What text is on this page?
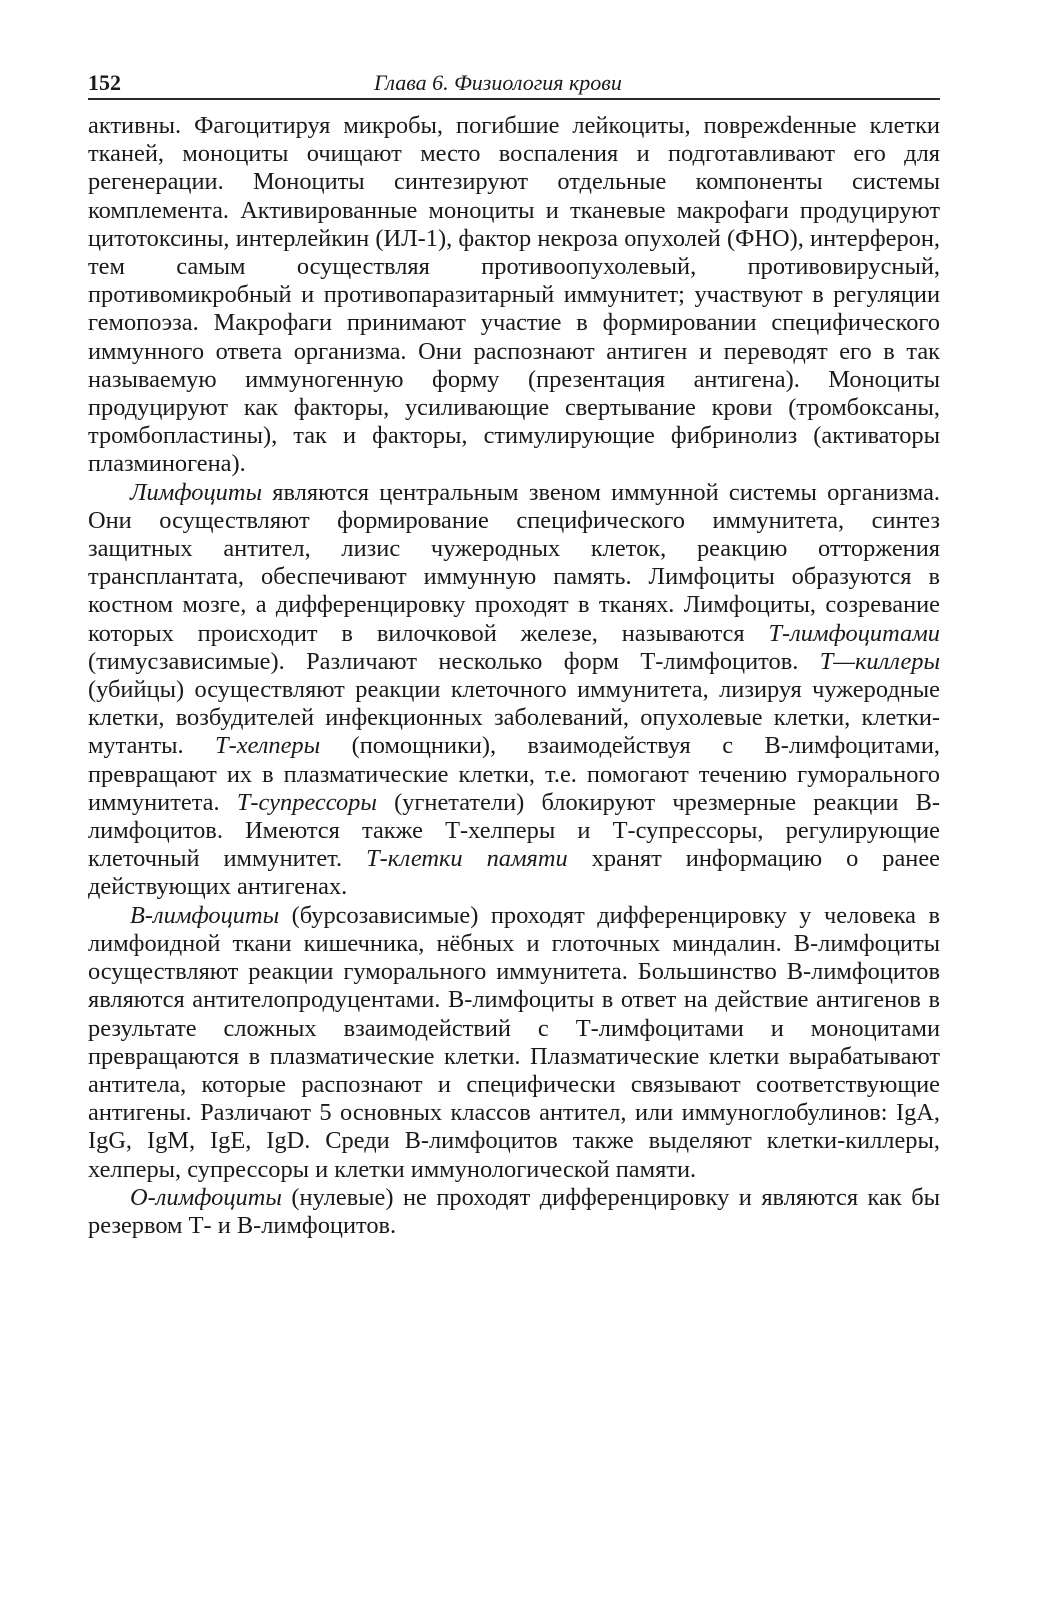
152	Глава 6. Физиология крови

активны. Фагоцитируя микробы, погибшие лейкоциты, поврежdенные клетки тканей, моноциты очищают место воспаления и подготавливают его для регенерации. Моноциты синтезируют отдельные компоненты системы комплемента. Активированные моноциты и тканевые макрофаги продуцируют цитотоксины, интерлейкин (ИЛ-1), фактор некроза опухолей (ФНО), интерферон, тем самым осуществляя противоопухолевый, противовирусный, противомикробный и противопаразитарный иммунитет; участвуют в регуляции гемопоэза. Макрофаги принимают участие в формировании специфического иммунного ответа организма. Они распознают антиген и переводят его в так называемую иммуногенную форму (презентация антигена). Моноциты продуцируют как факторы, усиливающие свертывание крови (тромбоксаны, тромбопластины), так и факторы, стимулирующие фибринолиз (активаторы плазминогена).

Лимфоциты являются центральным звеном иммунной системы организма. Они осуществляют формирование специфического иммунитета, синтез защитных антител, лизис чужеродных клеток, реакцию отторжения трансплантата, обеспечивают иммунную память. Лимфоциты образуются в костном мозге, а дифференцировку проходят в тканях. Лимфоциты, созревание которых происходит в вилочковой железе, называются Т-лимфоцитами (тимусзависимые). Различают несколько форм Т-лимфоцитов. Т—киллеры (убийцы) осуществляют реакции клеточного иммунитета, лизируя чужеродные клетки, возбудителей инфекционных заболеваний, опухолевые клетки, клетки-мутанты. Т-хелперы (помощники), взаимодействуя с В-лимфоцитами, превращают их в плазматические клетки, т.е. помогают течению гуморального иммунитета. Т-супрессоры (угнетатели) блокируют чрезмерные реакции В-лимфоцитов. Имеются также Т-хелперы и Т-супрессоры, регулирующие клеточный иммунитет. Т-клетки памяти хранят информацию о ранее действующих антигенах.

В-лимфоциты (бурсозависимые) проходят дифференцировку у человека в лимфоидной ткани кишечника, нёбных и глоточных миндалин. В-лимфоциты осуществляют реакции гуморального иммунитета. Большинство В-лимфоцитов являются антителопродуцентами. В-лимфоциты в ответ на действие антигенов в результате сложных взаимодействий с Т-лимфоцитами и моноцитами превращаются в плазматические клетки. Плазматические клетки вырабатывают антитела, которые распознают и специфически связывают соответствующие антигены. Различают 5 основных классов антител, или иммуноглобулинов: IgA, IgG, IgM, IgE, IgD. Среди В-лимфоцитов также выделяют клетки-киллеры, хелперы, супрессоры и клетки иммунологической памяти.

О-лимфоциты (нулевые) не проходят дифференцировку и являются как бы резервом Т- и В-лимфоцитов.
